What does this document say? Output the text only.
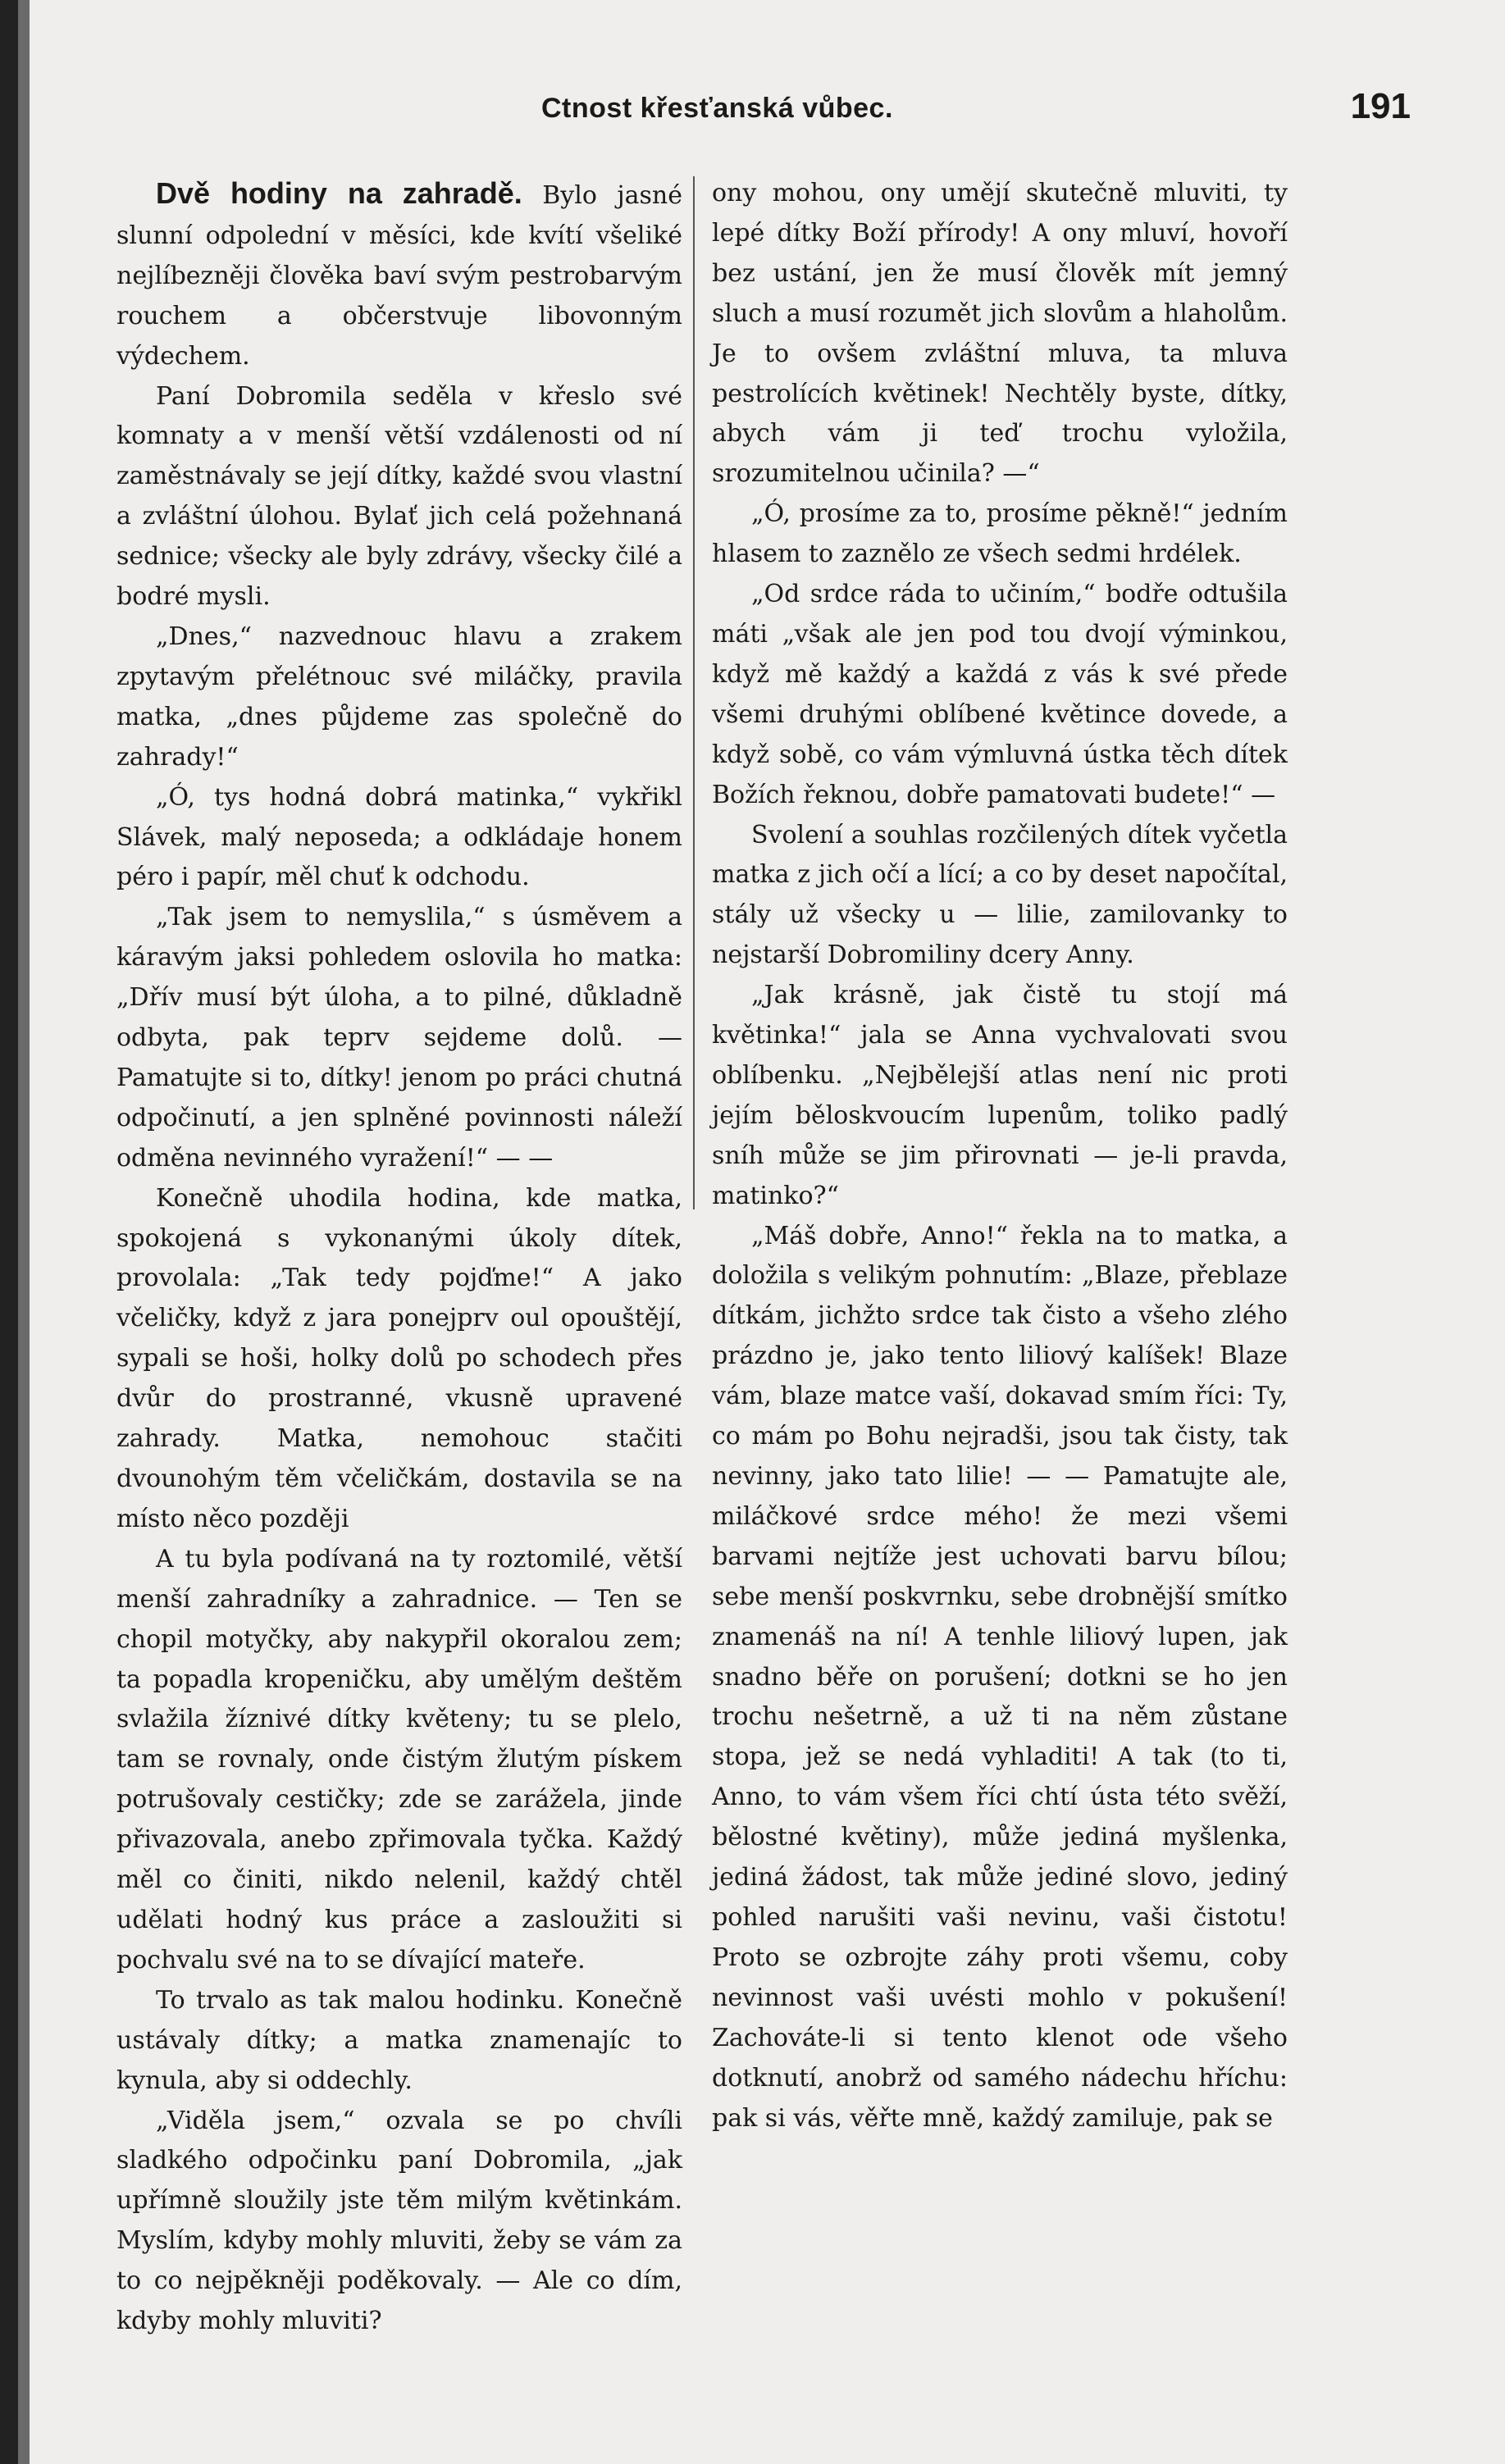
Ctnost křesťanská vůbec.	191

Dvě hodiny na zahradě. Bylo jasné slunní odpolední v měsíci, kde kvítí všeliké nejlíbezněji člověka baví svým pestrobarvým rouchem a občerstvuje libovonným výdechem.

Paní Dobromila seděla v křeslo své komnaty a v menší větší vzdálenosti od ní zaměstnávaly se její dítky, každé svou vlastní a zvláštní úlohou. Bylať jich celá požehnaná sednice; všecky ale byly zdrávy, všecky čilé a bodré mysli.

„Dnes,“ nazvednouc hlavu a zrakem zpytavým přelétnouc své miláčky, pravila matka, „dnes půjdeme zas společně do zahrady!“

„Ó, tys hodná dobrá matinka,“ vykřikl Slávek, malý neposeda; a odkládaje honem péro i papír, měl chuť k odchodu.

„Tak jsem to nemyslila,“ s úsměvem a káravým jaksi pohledem oslovila ho matka: „Dřív musí být úloha, a to pilné, důkladně odbyta, pak teprv sejdeme dolů. — Pamatujte si to, dítky! jenom po práci chutná odpočinutí, a jen splněné povinnosti náleží odměna nevinného vyražení!“ — —

Konečně uhodila hodina, kde matka, spokojená s vykonanými úkoly dítek, provolala: „Tak tedy pojďme!“ A jako včeličky, když z jara ponejprv oul opouštějí, sypali se hoši, holky dolů po schodech přes dvůr do prostranné, vkusně upravené zahrady. Matka, nemohouc stačiti dvounohým těm včeličkám, dostavila se na místo něco později

A tu byla podívaná na ty roztomilé, větší menší zahradníky a zahradnice. — Ten se chopil motyčky, aby nakypřil okoralou zem; ta popadla kropeničku, aby umělým deštěm svlažila žíznivé dítky květeny; tu se plelo, tam se rovnaly, onde čistým žlutým pískem potrušovaly cestičky; zde se zarážela, jinde přivazovala, anebo zpřimovala tyčka. Každý měl co činiti, nikdo nelenil, každý chtěl udělati hodný kus práce a zasloužiti si pochvalu své na to se dívající mateře.

To trvalo as tak malou hodinku. Konečně ustávaly dítky; a matka znamenajíc to kynula, aby si oddechly.

„Viděla jsem,“ ozvala se po chvíli sladkého odpočinku paní Dobromila, „jak upřímně sloužily jste těm milým květinkám. Myslím, kdyby mohly mluviti, žeby se vám za to co nejpěkněji poděkovaly. — Ale co dím, kdyby mohly mluviti?

ony mohou, ony umějí skutečně mluviti, ty lepé dítky Boží přírody! A ony mluví, hovoří bez ustání, jen že musí člověk mít jemný sluch a musí rozumět jich slovům a hlaholům. Je to ovšem zvláštní mluva, ta mluva pestrolících květinek! Nechtěly byste, dítky, abych vám ji teď trochu vyložila, srozumitelnou učinila? —“

„Ó, prosíme za to, prosíme pěkně!“ jedním hlasem to zaznělo ze všech sedmi hrdélek.

„Od srdce ráda to učiním,“ bodře odtušila máti „však ale jen pod tou dvojí výminkou, když mě každý a každá z vás k své přede všemi druhými oblíbené květince dovede, a když sobě, co vám výmluvná ústka těch dítek Božích řeknou, dobře pamatovati budete!“ —

Svolení a souhlas rozčilených dítek vyčetla matka z jich očí a lící; a co by deset napočítal, stály už všecky u — lilie, zamilovanky to nejstarší Dobromiliny dcery Anny.

„Jak krásně, jak čistě tu stojí má květinka!“ jala se Anna vychvalovati svou oblíbenku. „Nejbělejší atlas není nic proti jejím běloskvoucím lupenům, toliko padlý sníh může se jim přirovnati — je-li pravda, matinko?“

„Máš dobře, Anno!“ řekla na to matka, a doložila s velikým pohnutím: „Blaze, přeblaze dítkám, jichžto srdce tak čisto a všeho zlého prázdno je, jako tento liliový kalíšek! Blaze vám, blaze matce vaší, dokavad smím říci: Ty, co mám po Bohu nejradši, jsou tak čisty, tak nevinny, jako tato lilie! — — Pamatujte ale, miláčkové srdce mého! že mezi všemi barvami nejtíže jest uchovati barvu bílou; sebe menší poskvrnku, sebe drobnější smítko znamenáš na ní! A tenhle liliový lupen, jak snadno běře on porušení; dotkni se ho jen trochu nešetrně, a už ti na něm zůstane stopa, jež se nedá vyhladiti! A tak (to ti, Anno, to vám všem říci chtí ústa této svěží, bělostné květiny), může jediná myšlenka, jediná žádost, tak může jediné slovo, jediný pohled narušiti vaši nevinu, vaši čistotu! Proto se ozbrojte záhy proti všemu, coby nevinnost vaši uvésti mohlo v pokušení! Zachováte-li si tento klenot ode všeho dotknutí, anobrž od samého nádechu hříchu: pak si vás, věřte mně, každý zamiluje, pak se
